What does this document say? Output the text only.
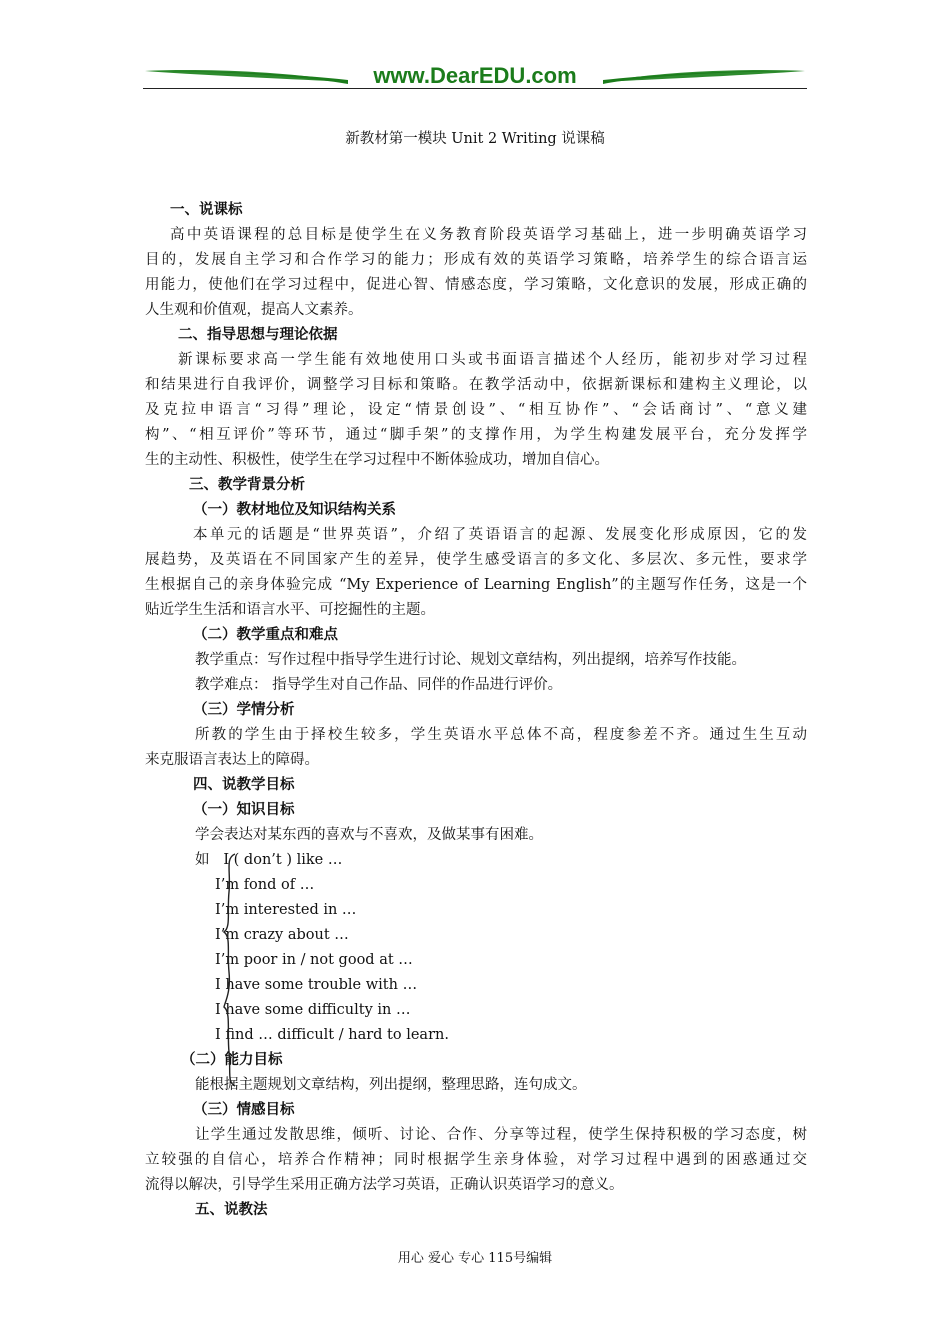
www.DearEDU.com
新教材第一模块 Unit 2 Writing 说课稿
一、说课标
高中英语课程的总目标是使学生在义务教育阶段英语学习基础上，进一步明确英语学习
目的，发展自主学习和合作学习的能力；形成有效的英语学习策略，培养学生的综合语言运
用能力，使他们在学习过程中，促进心智、情感态度，学习策略，文化意识的发展，形成正确的
人生观和价值观，提高人文素养。
二、指导思想与理论依据
新课标要求高一学生能有效地使用口头或书面语言描述个人经历，能初步对学习过程
和结果进行自我评价，调整学习目标和策略。在教学活动中，依据新课标和建构主义理论，以
及克拉申语言“习得”理论，设定“情景创设”、“相互协作”、“会话商讨”、“意义建
构”、“相互评价”等环节，通过“脚手架”的支撑作用，为学生构建发展平台，充分发挥学
生的主动性、积极性，使学生在学习过程中不断体验成功，增加自信心。
三、教学背景分析
（一）教材地位及知识结构关系
本单元的话题是“世界英语”，介绍了英语语言的起源、发展变化形成原因，它的发
展趋势，及英语在不同国家产生的差异，使学生感受语言的多文化、多层次、多元性，要求学
生根据自己的亲身体验完成 “My Experience of Learning English”的主题写作任务，这是一个
贴近学生生活和语言水平、可挖掘性的主题。
（二）教学重点和难点
教学重点：写作过程中指导学生进行讨论、规划文章结构，列出提纲，培养写作技能。
教学难点： 指导学生对自己作品、同伴的作品进行评价。
（三）学情分析
所教的学生由于择校生较多，学生英语水平总体不高，程度参差不齐。通过生生互动
来克服语言表达上的障碍。
四、说教学目标
（一）知识目标
学会表达对某东西的喜欢与不喜欢，及做某事有困难。
如   I ( don’t ) like …
I’m fond of …
I’m interested in …
I’m crazy about …
I’m poor in / not good at …
I have some trouble with …
I have some difficulty in …
I find … difficult / hard to learn.
（二）能力目标
能根据主题规划文章结构，列出提纲，整理思路，连句成文。
（三）情感目标
让学生通过发散思维，倾听、讨论、合作、分享等过程，使学生保持积极的学习态度，树
立较强的自信心，培养合作精神；同时根据学生亲身体验，对学习过程中遇到的困惑通过交
流得以解决，引导学生采用正确方法学习英语，正确认识英语学习的意义。
五、说教法
用心 爱心 专心 115号编辑
